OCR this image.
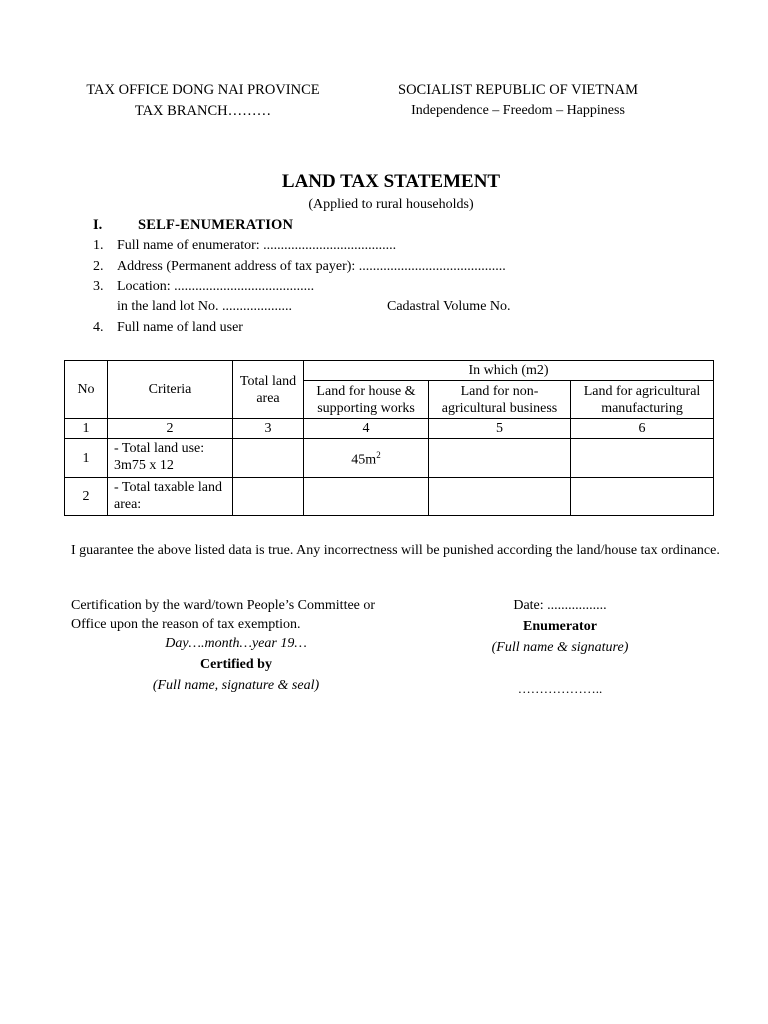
TAX OFFICE DONG NAI PROVINCE
TAX BRANCH………
SOCIALIST REPUBLIC OF VIETNAM
Independence – Freedom – Happiness
LAND TAX STATEMENT
(Applied to rural households)
I. SELF-ENUMERATION
1. Full name of enumerator: ......................................
2. Address (Permanent address of tax payer): ..........................................
3. Location: ........................................
in the land lot No. ....................	Cadastral Volume No.
4. Full name of land user
No	Criteria	Total land area	In which (m2)		
			Land for house & supporting works	Land for non-agricultural business	Land for agricultural manufacturing
1	2	3	4	5	6
1	- Total land use: 3m75 x 12		$45m^2$		
2	- Total taxable land area:				
I guarantee the above listed data is true. Any incorrectness will be punished according the land/house tax ordinance.
Certification by the ward/town People’s Committee or
Office upon the reason of tax exemption.
Day….month…year 19…
Certified by
(Full name, signature & seal)
Date: .................
Enumerator
(Full name & signature)
………………..
